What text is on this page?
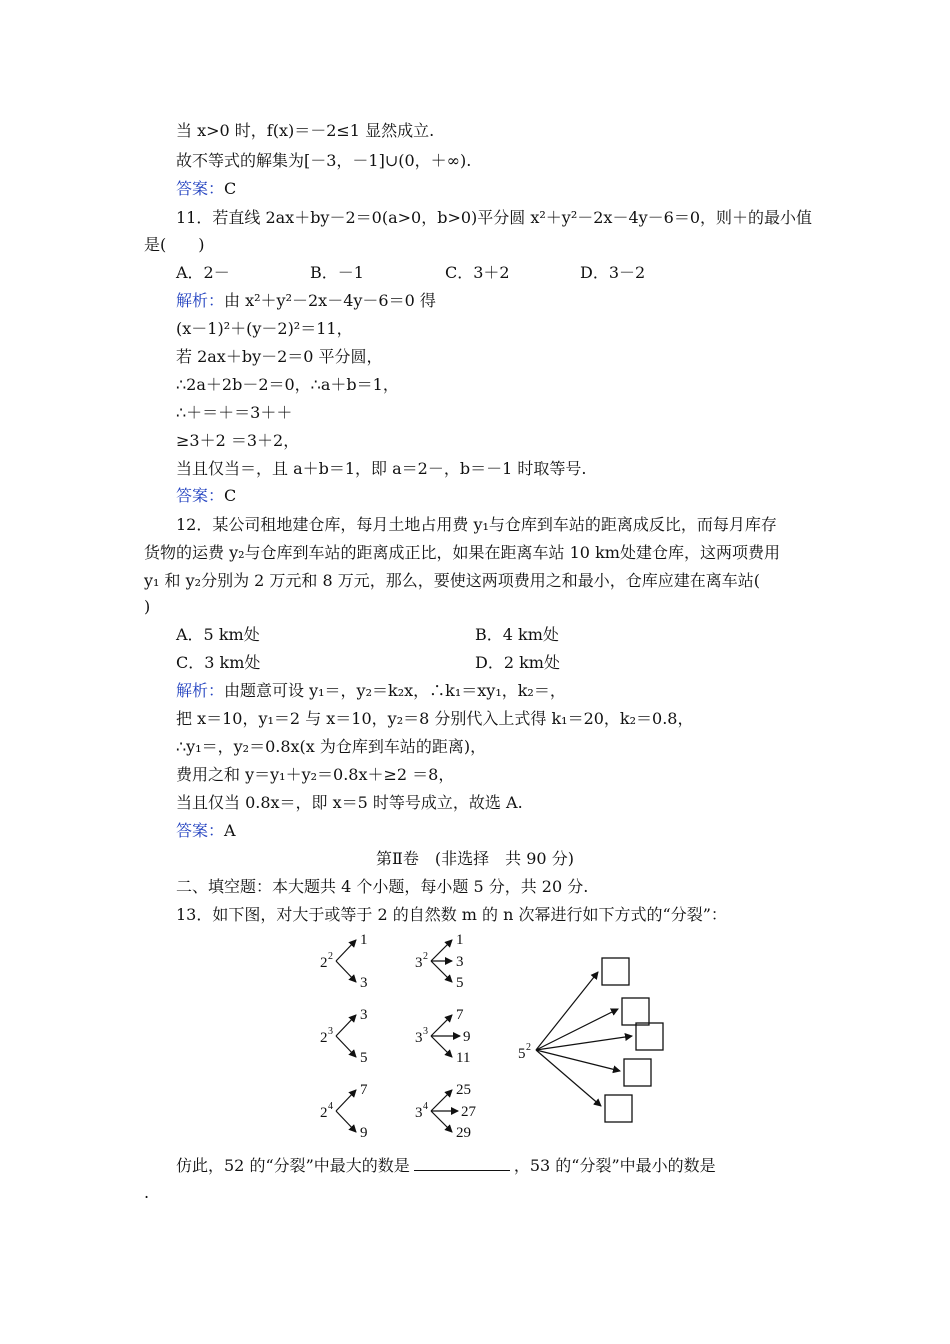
当 x>0 时，f(x)＝－2≤1 显然成立.
故不等式的解集为[－3，－1]∪(0，＋∞).
答案：C
11．若直线 2ax＋by－2＝0(a>0，b>0)平分圆 x²＋y²－2x－4y－6＝0，则＋的最小值
是(　　)
A．2－	B．－1	C．3＋2	D．3－2
解析：由 x²＋y²－2x－4y－6＝0 得
(x－1)²＋(y－2)²＝11，
若 2ax＋by－2＝0 平分圆，
∴2a＋2b－2＝0，∴a＋b＝1，
∴＋＝＋＝3＋＋
≥3＋2 ＝3＋2，
当且仅当＝，且 a＋b＝1，即 a＝2－，b＝－1 时取等号.
答案：C
12．某公司租地建仓库，每月土地占用费 y₁与仓库到车站的距离成反比，而每月库存
货物的运费 y₂与仓库到车站的距离成正比，如果在距离车站 10 km处建仓库，这两项费用
y₁ 和 y₂分别为 2 万元和 8 万元，那么，要使这两项费用之和最小，仓库应建在离车站(
)
A．5 km处	B．4 km处
C．3 km处	D．2 km处
解析：由题意可设 y₁＝，y₂＝k₂x，∴k₁＝xy₁，k₂＝，
把 x＝10，y₁＝2 与 x＝10，y₂＝8 分别代入上式得 k₁＝20，k₂＝0.8，
∴y₁＝，y₂＝0.8x(x 为仓库到车站的距离)，
费用之和 y＝y₁＋y₂＝0.8x＋≥2 ＝8，
当且仅当 0.8x＝，即 x＝5 时等号成立，故选 A.
答案：A
第Ⅱ卷　(非选择　共 90 分)
二、填空题：本大题共 4 个小题，每小题 5 分，共 20 分.
13．如下图，对大于或等于 2 的自然数 m 的 n 次幂进行如下方式的“分裂”：
2 2
1
3
2 3
3
5
2 4
7
9
3 2
1
3
5
3 3
7
9
11
3 4
25
27
29
5 2
仿此，52 的“分裂”中最大的数是	，53 的“分裂”中最小的数是
.
